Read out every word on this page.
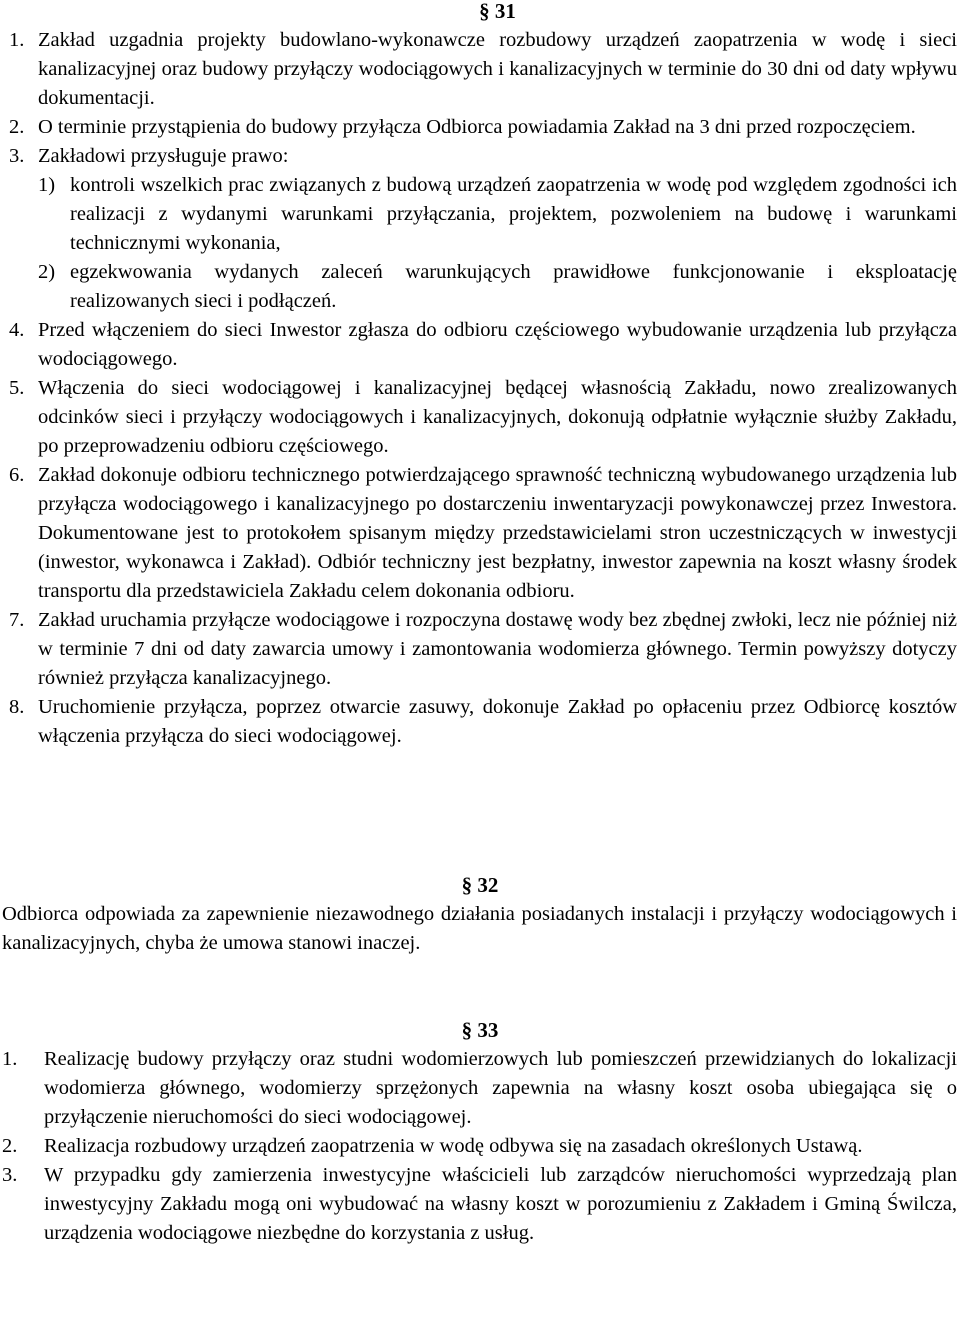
§ 31
1. Zakład uzgadnia projekty budowlano-wykonawcze rozbudowy urządzeń zaopatrzenia w wodę i sieci kanalizacyjnej oraz budowy przyłączy wodociągowych i kanalizacyjnych w terminie do 30 dni od daty wpływu dokumentacji.
2. O terminie przystąpienia do budowy przyłącza Odbiorca powiadamia Zakład na 3 dni przed rozpoczęciem.
3. Zakładowi przysługuje prawo:
1) kontroli wszelkich prac związanych z budową urządzeń zaopatrzenia w wodę pod względem zgodności ich realizacji z wydanymi warunkami przyłączania, projektem, pozwoleniem na budowę i warunkami technicznymi wykonania,
2) egzekwowania wydanych zaleceń warunkujących prawidłowe funkcjonowanie i eksploatację realizowanych sieci i podłączeń.
4. Przed włączeniem do sieci Inwestor zgłasza do odbioru częściowego wybudowanie urządzenia lub przyłącza wodociągowego.
5. Włączenia do sieci wodociągowej i kanalizacyjnej będącej własnością Zakładu, nowo zrealizowanych odcinków sieci i przyłączy wodociągowych i kanalizacyjnych, dokonują odpłatnie wyłącznie służby Zakładu, po przeprowadzeniu odbioru częściowego.
6. Zakład dokonuje odbioru technicznego potwierdzającego sprawność techniczną wybudowanego urządzenia lub przyłącza wodociągowego i kanalizacyjnego po dostarczeniu inwentaryzacji powykonawczej przez Inwestora. Dokumentowane jest to protokołem spisanym między przedstawicielami stron uczestniczących w inwestycji (inwestor, wykonawca i Zakład). Odbiór techniczny jest bezpłatny, inwestor zapewnia na koszt własny środek transportu dla przedstawiciela Zakładu celem dokonania odbioru.
7. Zakład uruchamia przyłącze wodociągowe i rozpoczyna dostawę wody bez zbędnej zwłoki, lecz nie później niż w terminie 7 dni od daty zawarcia umowy i zamontowania wodomierza głównego. Termin powyższy dotyczy również przyłącza kanalizacyjnego.
8. Uruchomienie przyłącza, poprzez otwarcie zasuwy, dokonuje Zakład po opłaceniu przez Odbiorcę kosztów włączenia przyłącza do sieci wodociągowej.
§ 32
Odbiorca odpowiada za zapewnienie niezawodnego działania posiadanych instalacji i przyłączy wodociągowych i kanalizacyjnych, chyba że umowa stanowi inaczej.
§ 33
1.	Realizację budowy przyłączy oraz studni wodomierzowych lub pomieszczeń przewidzianych do lokalizacji wodomierza głównego, wodomierzy sprzężonych zapewnia na własny koszt osoba ubiegająca się o przyłączenie nieruchomości do sieci wodociągowej.
2.	Realizacja rozbudowy urządzeń zaopatrzenia w wodę odbywa się na zasadach określonych Ustawą.
3.	W przypadku gdy zamierzenia inwestycyjne właścicieli lub zarządców nieruchomości wyprzedzają plan inwestycyjny Zakładu mogą oni wybudować na własny koszt w porozumieniu z Zakładem i Gminą Świlcza, urządzenia wodociągowe niezbędne do korzystania z usług.
